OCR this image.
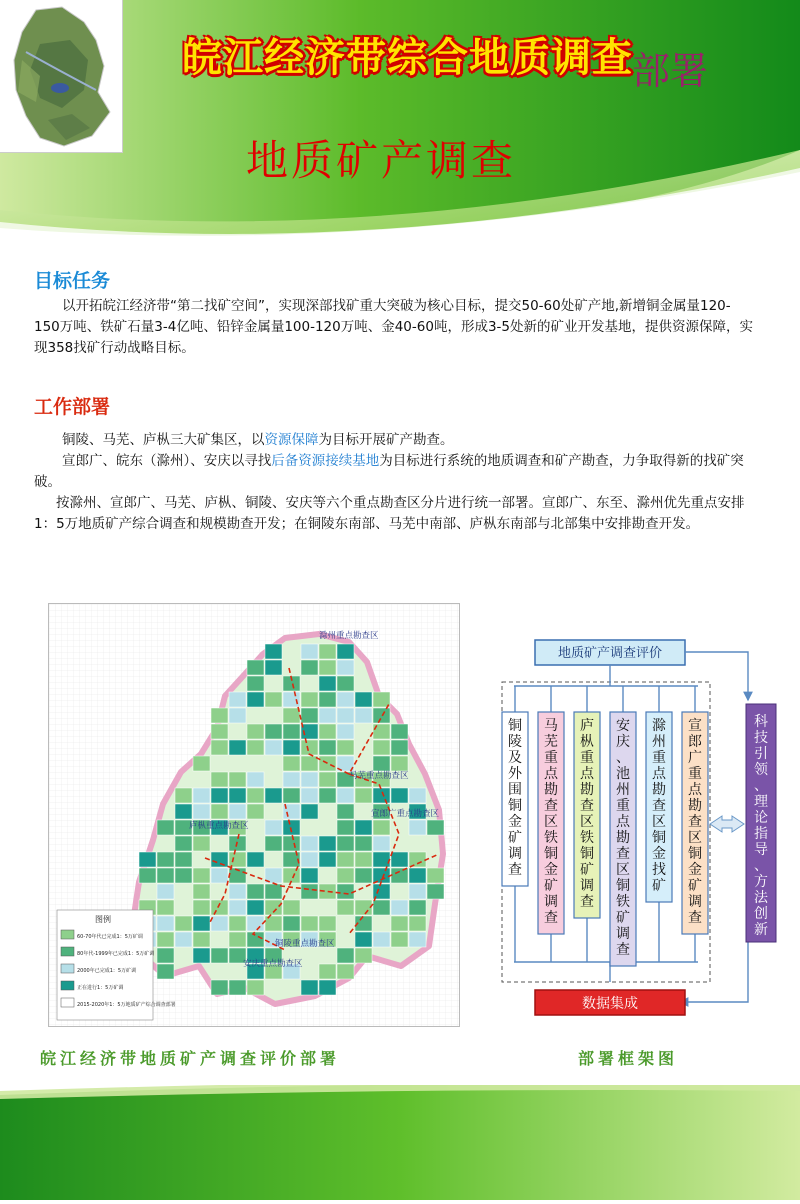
皖江经济带综合地质调查 部署
地质矿产调查
目标任务
以开拓皖江经济带“第二找矿空间”，实现深部找矿重大突破为核心目标，提交50-60处矿产地,新增铜金属量120-150万吨、铁矿石量3-4亿吨、铅锌金属量100-120万吨、金40-60吨，形成3-5处新的矿业开发基地，提供资源保障，实现358找矿行动战略目标。
工作部署
铜陵、马芜、庐枞三大矿集区，以资源保障为目标开展矿产勘查。
宣郎广、皖东（滁州）、安庆以寻找后备资源接续基地为目标进行系统的地质调查和矿产勘查，力争取得新的找矿突破。
按滁州、宣郎广、马芜、庐枞、铜陵、安庆等六个重点勘查区分片进行统一部署。宣郎广、东至、滁州优先重点安排1：5万地质矿产综合调查和规模勘查开发；在铜陵东南部、马芜中南部、庐枞东南部与北部集中安排勘查开发。
滁州重点勘查区
马芜重点勘查区
宣郎广重点勘查区
庐枞重点勘查区
铜陵重点勘查区
安庆重点勘查区
图例
60-70年代已完成1：5万矿调
80年代-1999年已完成1：5万矿调
2000年已完成1：5万矿调
正在进行1：5万矿调
2015-2020年1：5万地质矿产综合调查部署
地质矿产调查评价
铜陵及外围铜金矿调查
马芜重点勘查区铁铜金矿调查
庐枞重点勘查区铁铜矿调查
安庆、池州重点勘查区铜铁矿调查
滁州重点勘查区铜金找矿
宣郎广重点勘查区铜金矿调查
科技引领、理论指导、方法创新
数据集成
皖江经济带地质矿产调查评价部署	部署框架图
